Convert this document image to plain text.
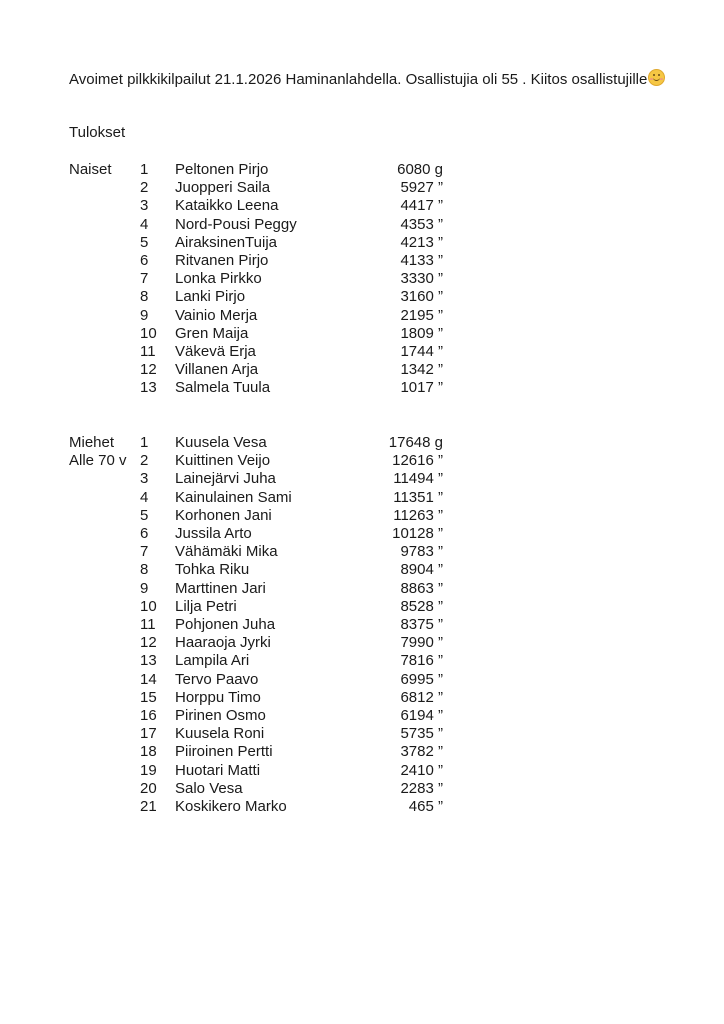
Avoimet pilkkikilpailut 21.1.2026 Haminanlahdella. Osallistujia oli 55 . Kiitos osallistujille

Tulokset
Naiset 1	Peltonen Pirjo	6080 g
2	Juopperi Saila	5927 ”
3	Kataikko Leena	4417 ”
4	Nord-Pousi Peggy	4353 ”
5	AiraksinenTuija	4213 ”
6	Ritvanen Pirjo	4133 ”
7	Lonka Pirkko	3330 ”
8	Lanki Pirjo	3160 ”
9	Vainio Merja	2195 ”
10 Gren Maija	1809 ”
11 Väkevä Erja	1744 ”
12 Villanen Arja	1342 ”
13 Salmela Tuula	1017 ”
Miehet 1	Kuusela Vesa	17648 g
Alle 70 v 2	Kuittinen Veijo	12616 ”
3	Lainejärvi Juha	11494 ”
4	Kainulainen Sami	11351 ”
5	Korhonen Jani	11263 ”
6	Jussila Arto	10128 ”
7	Vähämäki Mika	9783 ”
8	Tohka Riku	8904 ”
9	Marttinen Jari	8863 ”
10 Lilja Petri	8528 ”
11 Pohjonen Juha	8375 ”
12 Haaraoja Jyrki	7990 ”
13 Lampila Ari	7816 ”
14 Tervo Paavo	6995 ”
15 Horppu Timo	6812 ”
16 Pirinen Osmo	6194 ”
17 Kuusela Roni	5735 ”
18 Piiroinen Pertti	3782 ”
19 Huotari Matti	2410 ”
20 Salo Vesa	2283 ”
21 Koskikero Marko	465 ”
